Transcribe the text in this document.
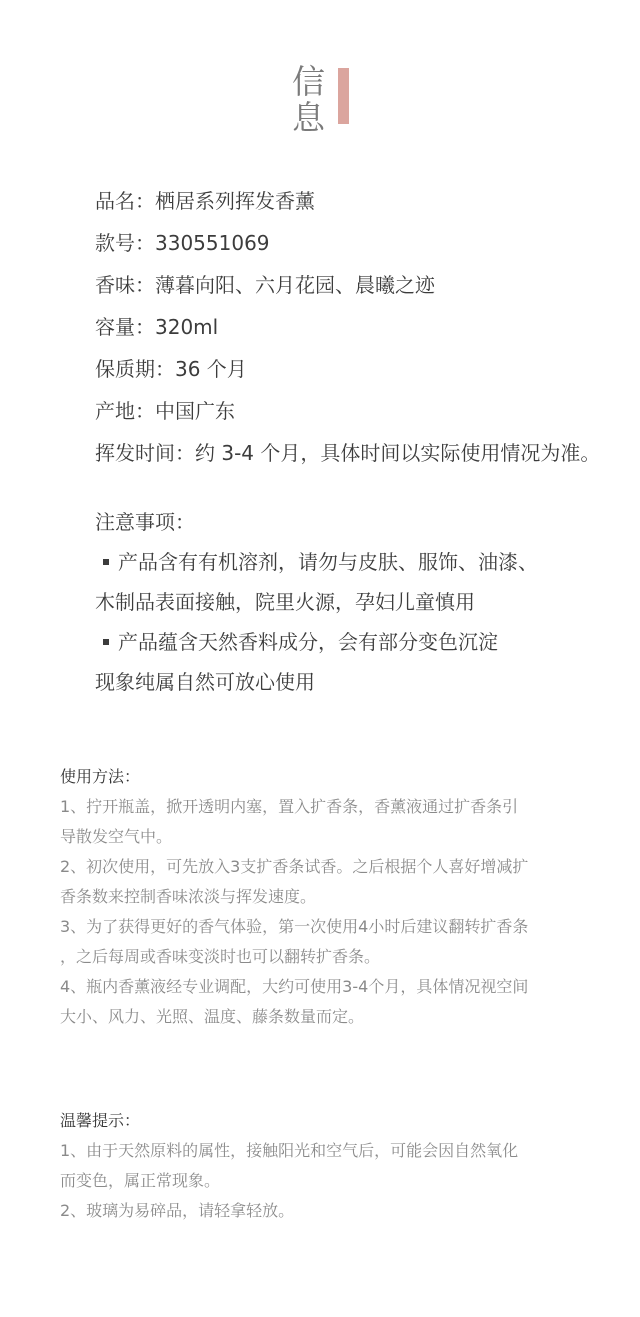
信
息
品名：栖居系列挥发香薰
款号：330551069
香味：薄暮向阳、六月花园、晨曦之迹
容量：320ml
保质期：36 个月
产地：中国广东
挥发时间：约 3-4 个月，具体时间以实际使用情况为准。
注意事项：
产品含有有机溶剂，请勿与皮肤、服饰、油漆、
木制品表面接触，院里火源，孕妇儿童慎用
产品蕴含天然香料成分，会有部分变色沉淀
现象纯属自然可放心使用
使用方法：
1、拧开瓶盖，掀开透明内塞，置入扩香条，香薰液通过扩香条引
导散发空气中。
2、初次使用，可先放入3支扩香条试香。之后根据个人喜好增减扩
香条数来控制香味浓淡与挥发速度。
3、为了获得更好的香气体验，第一次使用4小时后建议翻转扩香条
，之后每周或香味变淡时也可以翻转扩香条。
4、瓶内香薰液经专业调配，大约可使用3-4个月，具体情况视空间
大小、风力、光照、温度、藤条数量而定。
温馨提示：
1、由于天然原料的属性，接触阳光和空气后，可能会因自然氧化
而变色，属正常现象。
2、玻璃为易碎品，请轻拿轻放。
